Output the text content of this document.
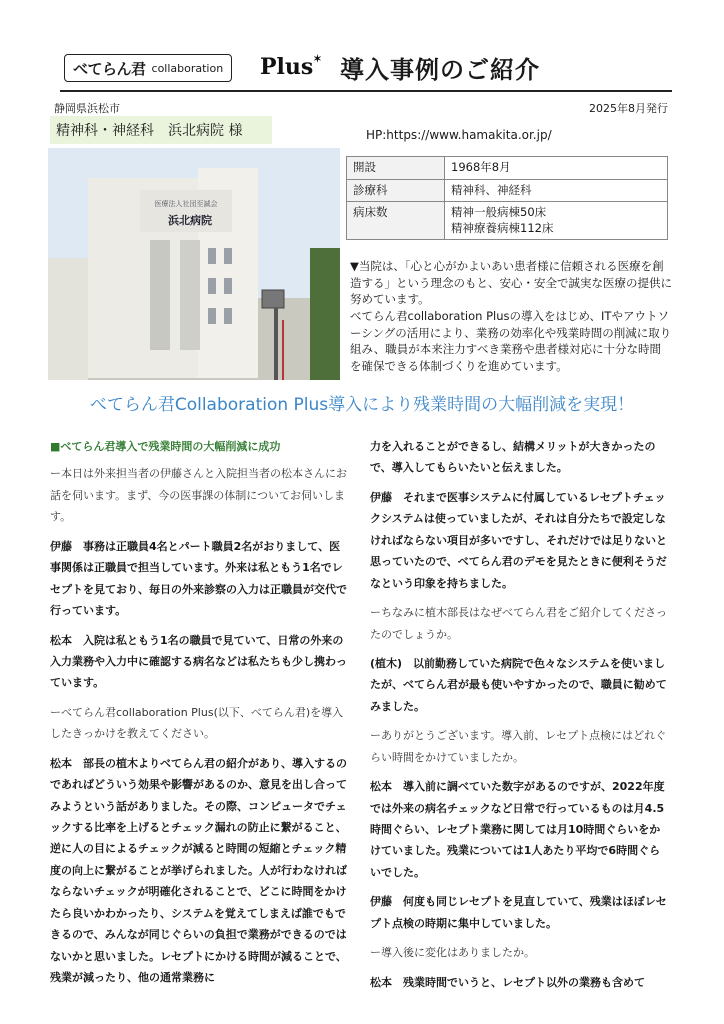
べてらん君 collaboration Plus✶ 導入事例のご紹介
静岡県浜松市
精神科・神経科　浜北病院 様
2025年8月発行
HP:https://www.hamakita.or.jp/
医療法人社団至誠会
浜北病院
開設	1968年8月
診療科	精神科、神経科
病床数	精神一般病棟50床
精神療養病棟112床

▼当院は、「心と心がかよいあい患者様に信頼される医療を創造する」という理念のもと、安心・安全で誠実な医療の提供に努めています。

べてらん君collaboration Plusの導入をはじめ、ITやアウトソーシングの活用により、業務の効率化や残業時間の削減に取り組み、職員が本来注力すべき業務や患者様対応に十分な時間を確保できる体制づくりを進めています。

べてらん君Collaboration Plus導入により残業時間の大幅削減を実現！

■べてらん君導入で残業時間の大幅削減に成功

ー本日は外来担当者の伊藤さんと入院担当者の松本さんにお話を伺います。まず、今の医事課の体制についてお伺いします。

伊藤　事務は正職員4名とパート職員2名がおりまして、医事関係は正職員で担当しています。外来は私ともう1名でレセプトを見ており、毎日の外来診察の入力は正職員が交代で行っています。

松本　入院は私ともう1名の職員で見ていて、日常の外来の入力業務や入力中に確認する病名などは私たちも少し携わっています。

ーべてらん君collaboration Plus(以下、べてらん君)を導入したきっかけを教えてください。

松本　部長の植木よりべてらん君の紹介があり、導入するのであればどういう効果や影響があるのか、意見を出し合ってみようという話がありました。その際、コンピュータでチェックする比率を上げるとチェック漏れの防止に繋がること、逆に人の目によるチェックが減ると時間の短縮とチェック精度の向上に繋がることが挙げられました。人が行わなければならないチェックが明確化されることで、どこに時間をかけたら良いかわかったり、システムを覚えてしまえば誰でもできるので、みんなが同じぐらいの負担で業務ができるのではないかと思いました。レセプトにかける時間が減ることで、残業が減ったり、他の通常業務に

力を入れることができるし、結構メリットが大きかったので、導入してもらいたいと伝えました。

伊藤　それまで医事システムに付属しているレセプトチェックシステムは使っていましたが、それは自分たちで設定しなければならない項目が多いですし、それだけでは足りないと思っていたので、べてらん君のデモを見たときに便利そうだなという印象を持ちました。

ーちなみに植木部長はなぜべてらん君をご紹介してくださったのでしょうか。

(植木)　以前勤務していた病院で色々なシステムを使いましたが、べてらん君が最も使いやすかったので、職員に勧めてみました。

ーありがとうございます。導入前、レセプト点検にはどれぐらい時間をかけていましたか。

松本　導入前に調べていた数字があるのですが、2022年度では外来の病名チェックなど日常で行っているものは月4.5時間ぐらい、レセプト業務に関しては月10時間ぐらいをかけていました。残業については1人あたり平均で6時間ぐらいでした。

伊藤　何度も同じレセプトを見直していて、残業はほぼレセプト点検の時期に集中していました。

ー導入後に変化はありましたか。

松本　残業時間でいうと、レセプト以外の業務も含めて
